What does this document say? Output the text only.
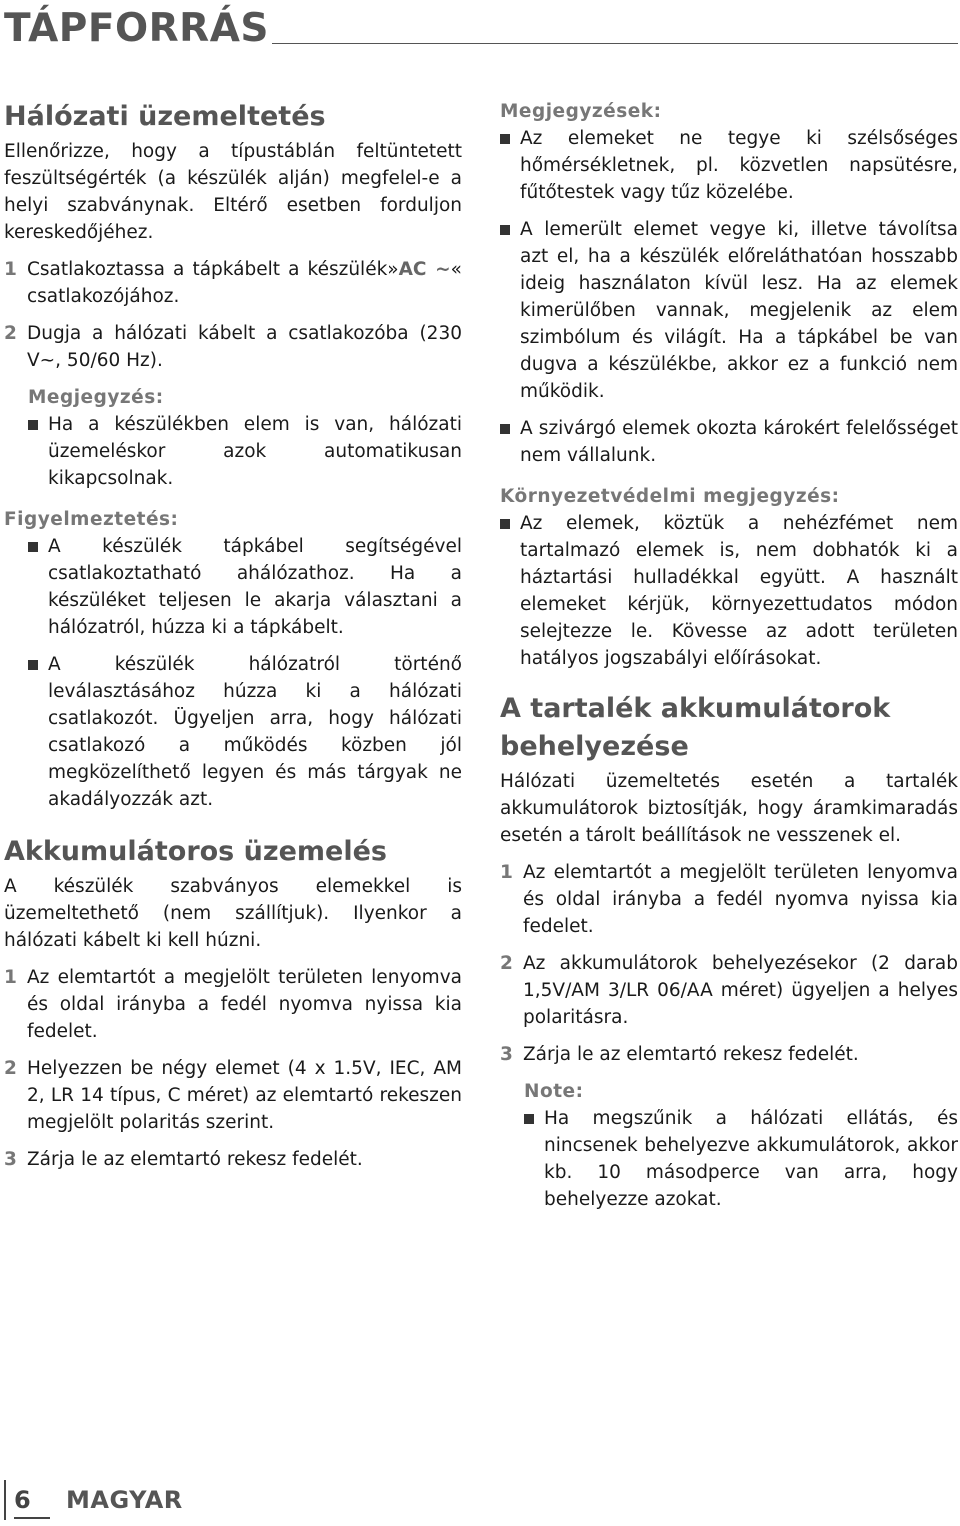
TÁPFORRÁS
Hálózati üzemeltetés

Ellenőrizze, hogy a típustáblán feltüntetett feszültségérték (a készülék alján) megfelel-e a helyi szabványnak. Eltérő esetben forduljon kereskedőjéhez.

1 Csatlakoztassa a tápkábelt a készülék»AC ~« csatlakozójához.
2 Dugja a hálózati kábelt a csatlakozóba (230 V~, 50/60 Hz).
Megjegyzés:
Ha a készülékben elem is van, hálózati üzemeléskor azok automatikusan kikapcsolnak.
Figyelmeztetés:
A készülék tápkábel segítségével csatlakoztatható ahálózathoz. Ha a készüléket teljesen le akarja választani a hálózatról, húzza ki a tápkábelt.
A készülék hálózatról történő leválasztásához húzza ki a hálózati csatlakozót. Ügyeljen arra, hogy hálózati csatlakozó a működés közben jól megközelíthető legyen és más tárgyak ne akadályozzák azt.
Akkumulátoros üzemelés

A készülék szabványos elemekkel is üzemeltethető (nem szállítjuk). Ilyenkor a hálózati kábelt ki kell húzni.

1 Az elemtartót a megjelölt területen lenyomva és oldal irányba a fedél nyomva nyissa kia fedelet.
2 Helyezzen be négy elemet (4 x 1.5V, IEC, AM 2, LR 14 típus, C méret) az elemtartó rekeszen megjelölt polaritás szerint.
3 Zárja le az elemtartó rekesz fedelét.
Megjegyzések:
Az elemeket ne tegye ki szélsőséges hőmérsékletnek, pl. közvetlen napsütésre, fűtőtestek vagy tűz közelébe.
A lemerült elemet vegye ki, illetve távolítsa azt el, ha a készülék előreláthatóan hosszabb ideig használaton kívül lesz. Ha az elemek kimerülőben vannak, megjelenik az elem szimbólum és világít. Ha a tápkábel be van dugva a készülékbe, akkor ez a funkció nem működik.
A szivárgó elemek okozta károkért felelősséget nem vállalunk.
Környezetvédelmi megjegyzés:
Az elemek, köztük a nehézfémet nem tartalmazó elemek is, nem dobhatók ki a háztartási hulladékkal együtt. A használt elemeket kérjük, környezettudatos módon selejtezze le. Kövesse az adott területen hatályos jogszabályi előírásokat.
A tartalék akkumulátorok behelyezése

Hálózati üzemeltetés esetén a tartalék akkumulátorok biztosítják, hogy áramkimaradás esetén a tárolt beállítások ne vesszenek el.

1 Az elemtartót a megjelölt területen lenyomva és oldal irányba a fedél nyomva nyissa kia fedelet.
2 Az akkumulátorok behelyezésekor (2 darab 1,5V/AM 3/LR 06/AA méret) ügyeljen a helyes polaritásra.
3 Zárja le az elemtartó rekesz fedelét.
Note:
Ha megszűnik a hálózati ellátás, és nincsenek behelyezve akkumulátorok, akkor kb. 10 másodperce van arra, hogy behelyezze azokat.
6 MAGYAR
